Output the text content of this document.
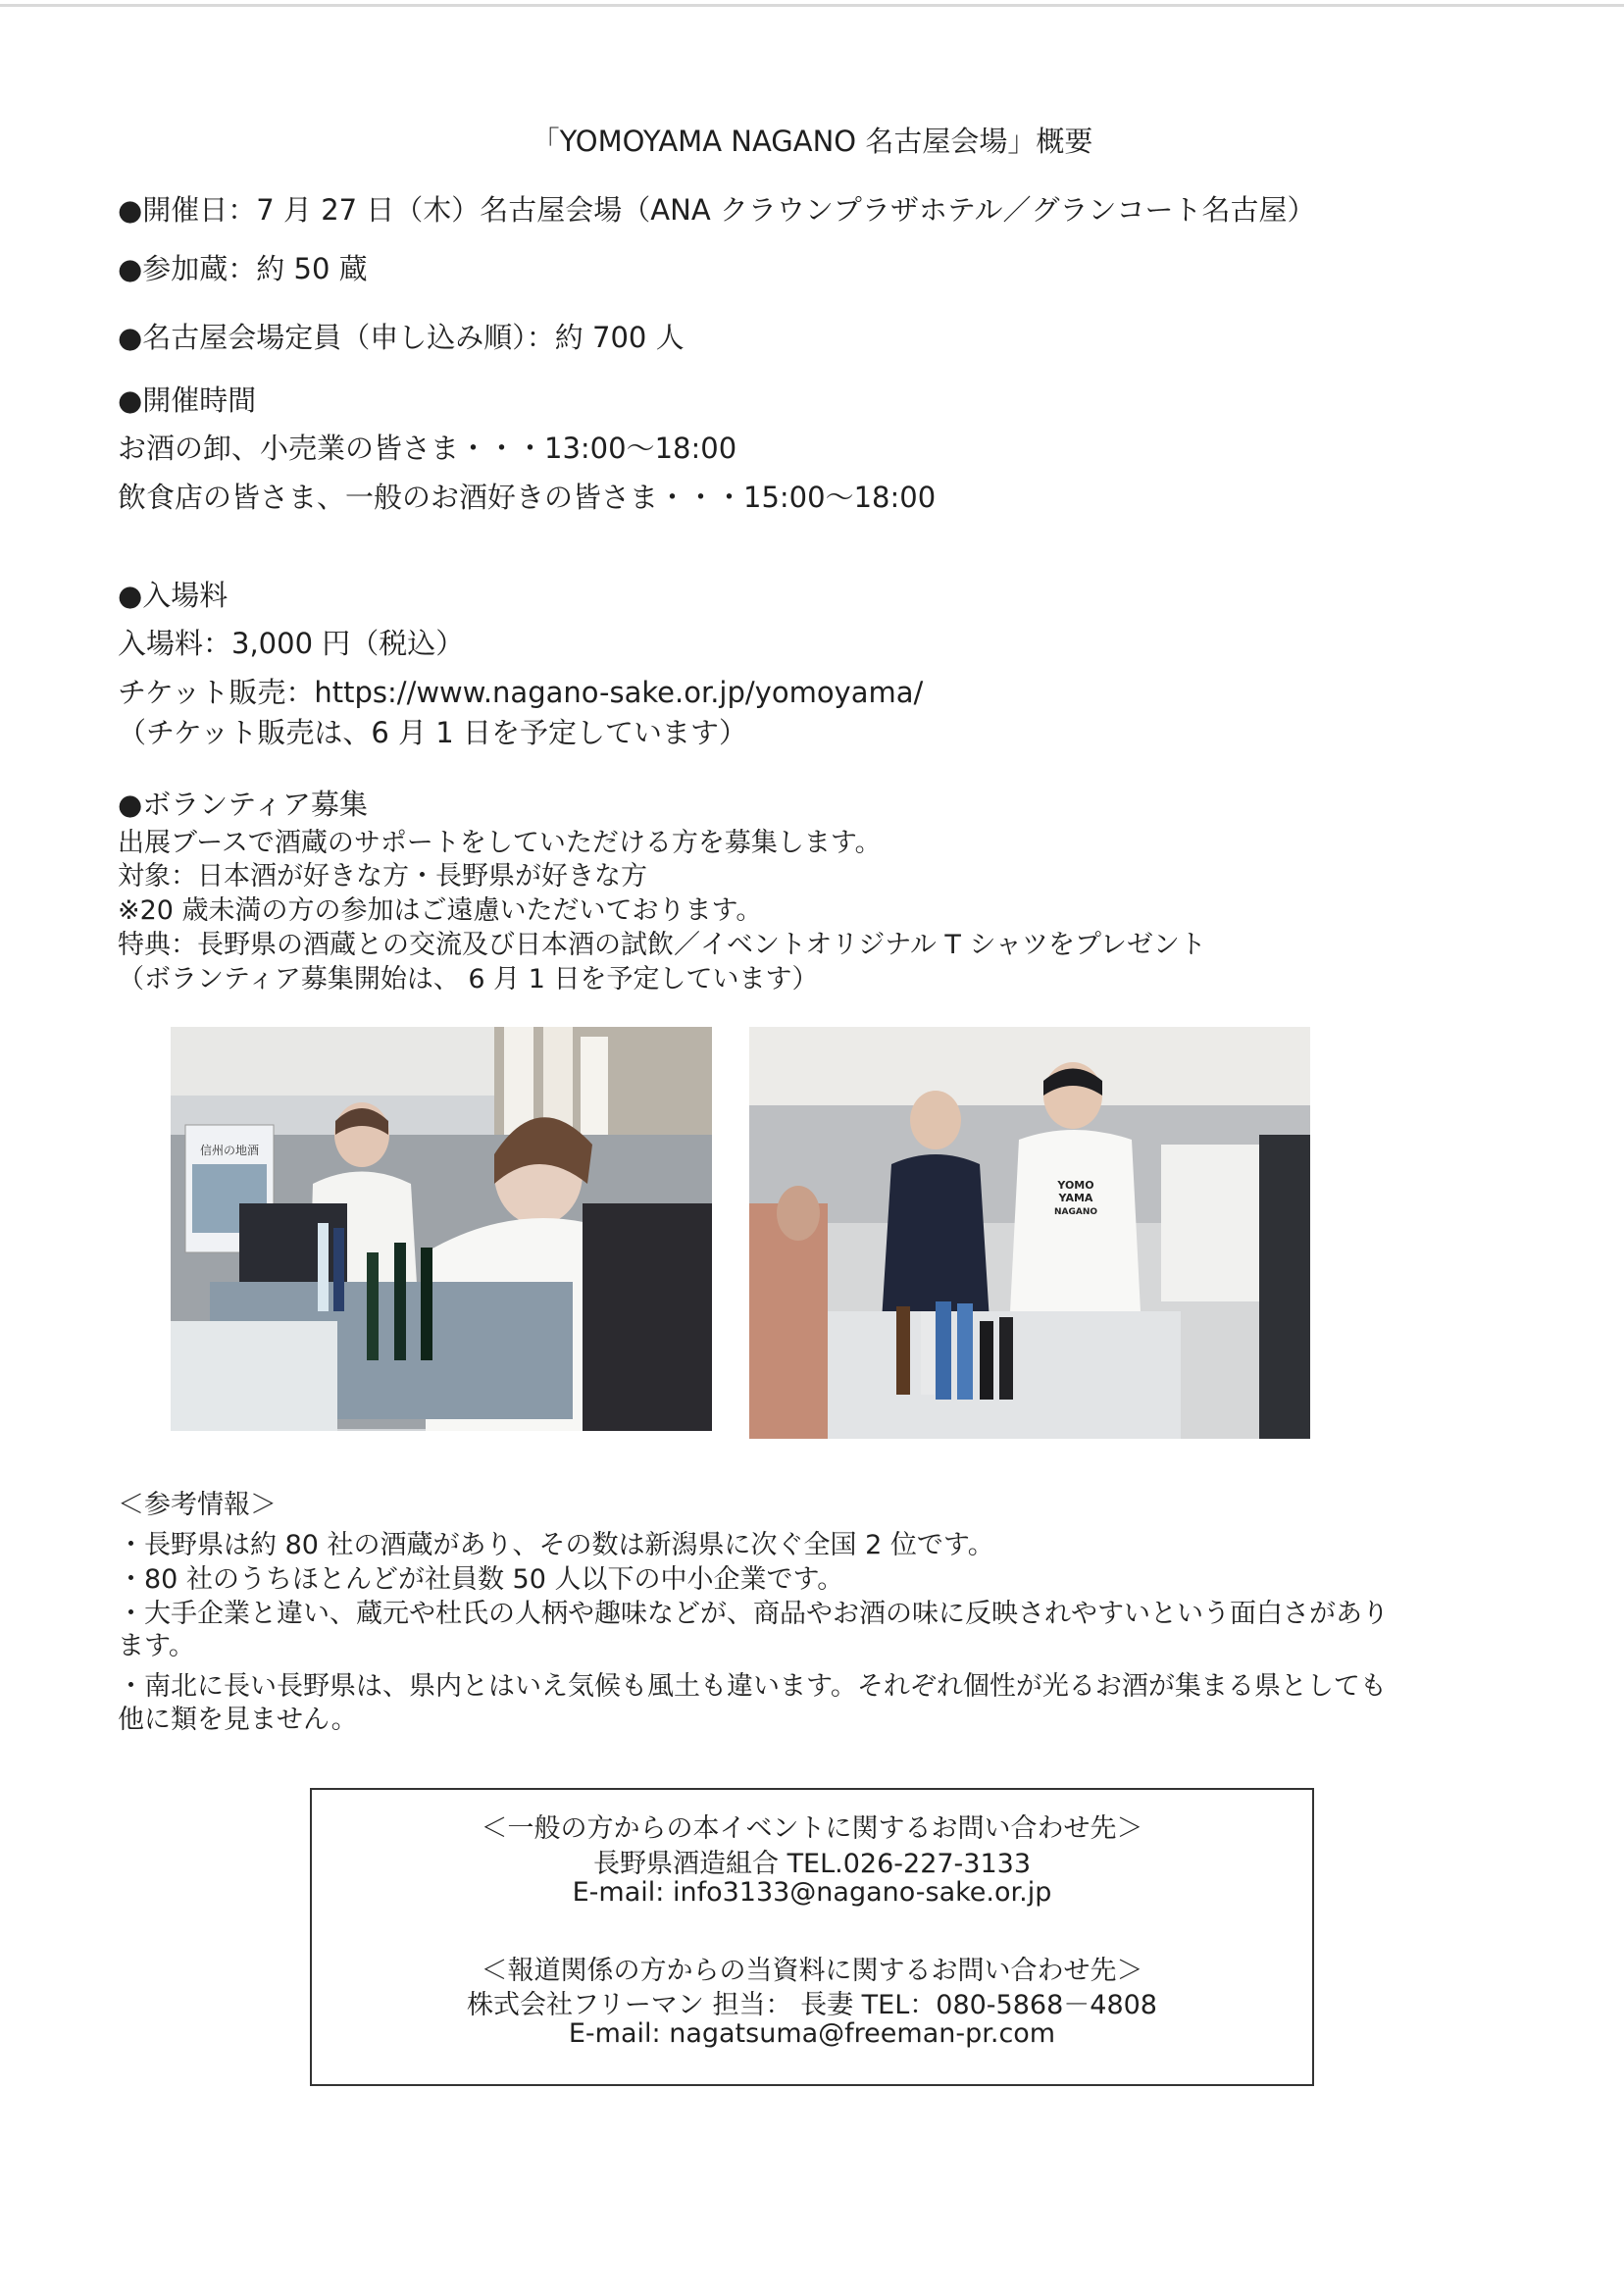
「YOMOYAMA NAGANO 名古屋会場」概要
●開催日：7 月 27 日（木）名古屋会場（ANA クラウンプラザホテル／グランコート名古屋）
●参加蔵：約 50 蔵
●名古屋会場定員（申し込み順）：約 700 人
●開催時間
お酒の卸、小売業の皆さま・・・13:00～18:00
飲食店の皆さま、一般のお酒好きの皆さま・・・15:00～18:00
●入場料
入場料：3,000 円（税込）
チケット販売：https://www.nagano-sake.or.jp/yomoyama/
（チケット販売は、6 月 1 日を予定しています）
●ボランティア募集
出展ブースで酒蔵のサポートをしていただける方を募集します。
対象：日本酒が好きな方・長野県が好きな方
※20 歳未満の方の参加はご遠慮いただいております。
特典：長野県の酒蔵との交流及び日本酒の試飲／イベントオリジナル T シャツをプレゼント
（ボランティア募集開始は、 6 月 1 日を予定しています）
信州の地酒
YOMO
YAMA
NAGANO
＜参考情報＞
・長野県は約 80 社の酒蔵があり、その数は新潟県に次ぐ全国 2 位です。
・80 社のうちほとんどが社員数 50 人以下の中小企業です。
・大手企業と違い、蔵元や杜氏の人柄や趣味などが、商品やお酒の味に反映されやすいという面白さがあり
ます。
・南北に長い長野県は、県内とはいえ気候も風土も違います。それぞれ個性が光るお酒が集まる県としても
他に類を見ません。
＜一般の方からの本イベントに関するお問い合わせ先＞
長野県酒造組合 TEL.026-227-3133
E-mail: info3133@nagano-sake.or.jp
＜報道関係の方からの当資料に関するお問い合わせ先＞
株式会社フリーマン 担当： 長妻 TEL：080-5868－4808
E-mail: nagatsuma@freeman-pr.com
